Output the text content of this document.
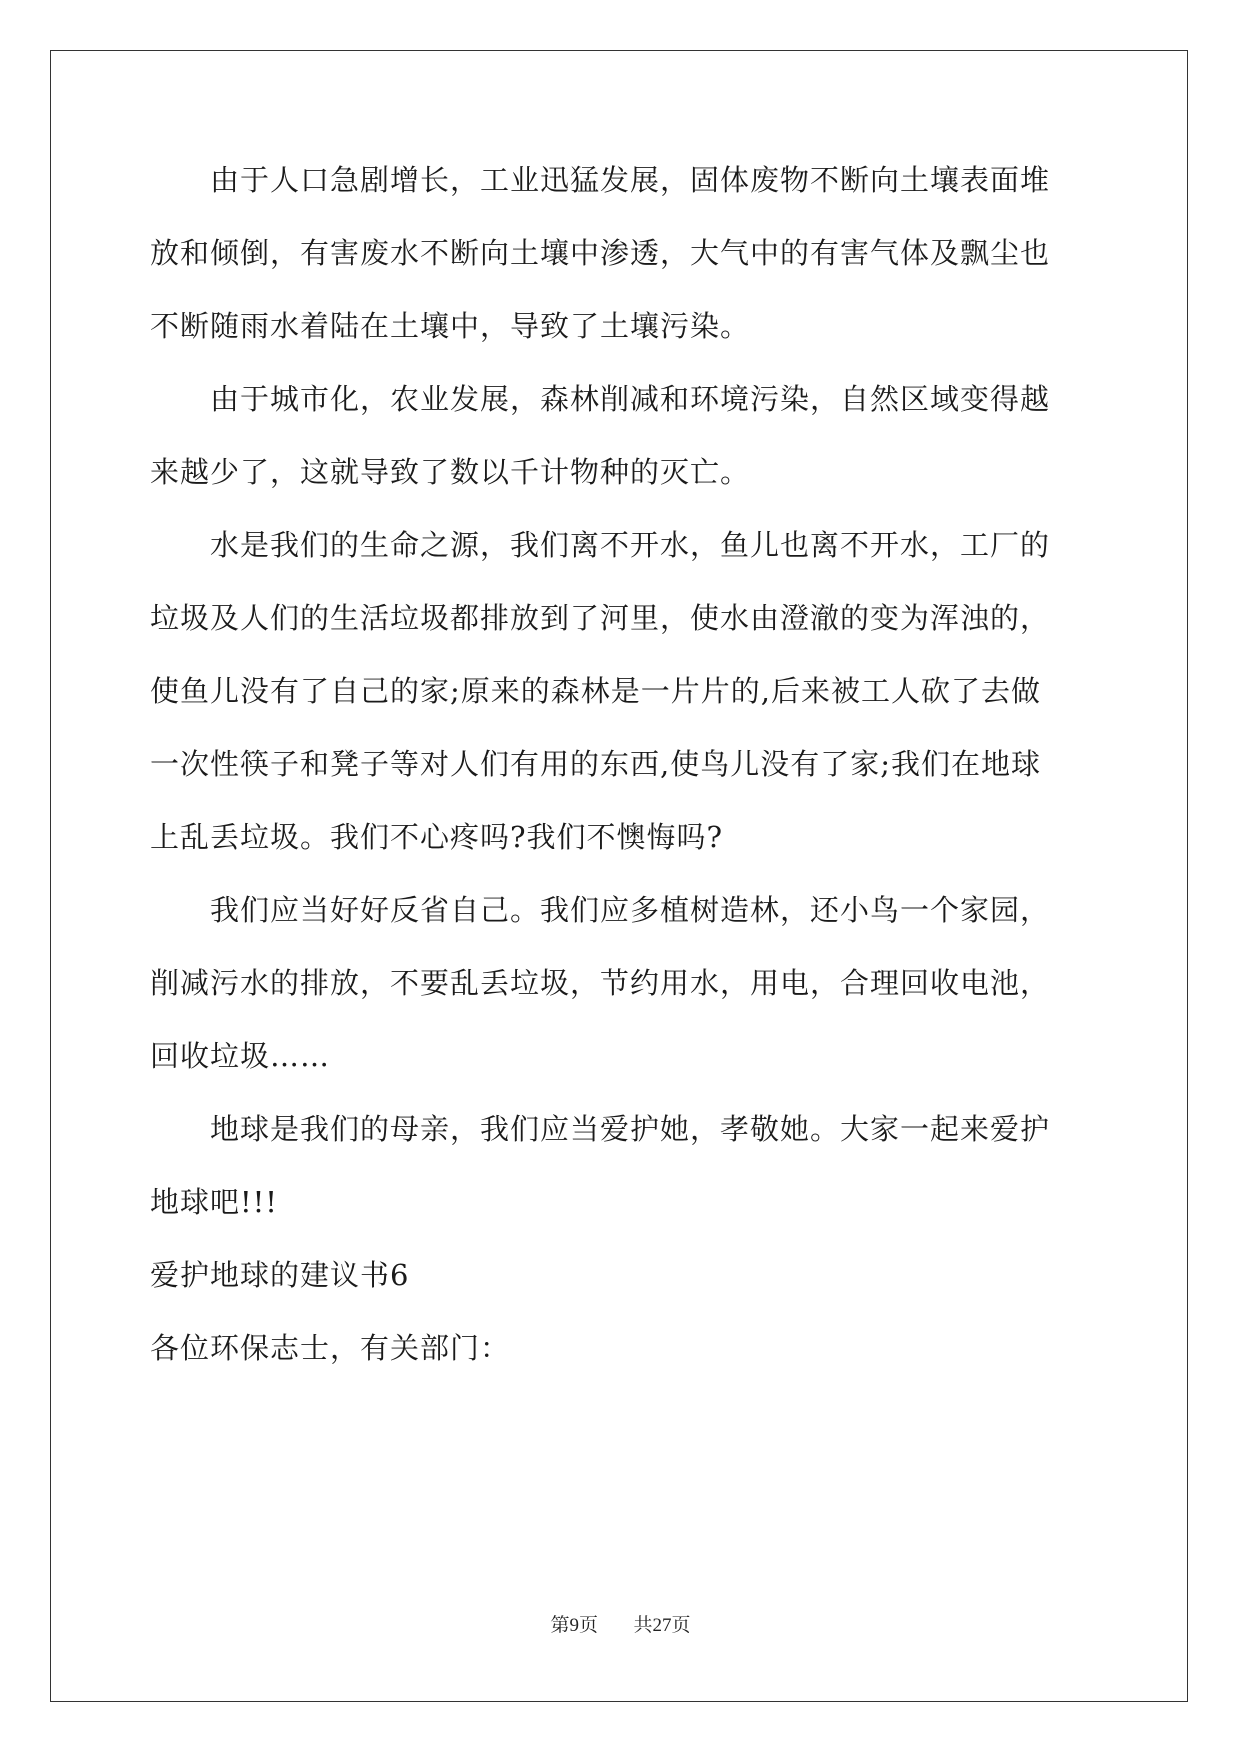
　　由于人口急剧增长，工业迅猛发展，固体废物不断向土壤表面堆
放和倾倒，有害废水不断向土壤中渗透，大气中的有害气体及飘尘也
不断随雨水着陆在土壤中，导致了土壤污染。
　　由于城市化，农业发展，森林削减和环境污染，自然区域变得越
来越少了，这就导致了数以千计物种的灭亡。
　　水是我们的生命之源，我们离不开水，鱼儿也离不开水，工厂的
垃圾及人们的生活垃圾都排放到了河里，使水由澄澈的变为浑浊的，
使鱼儿没有了自己的家;原来的森林是一片片的,后来被工人砍了去做
一次性筷子和凳子等对人们有用的东西,使鸟儿没有了家;我们在地球
上乱丢垃圾。我们不心疼吗?我们不懊悔吗?
　　我们应当好好反省自己。我们应多植树造林，还小鸟一个家园，
削减污水的排放，不要乱丢垃圾，节约用水，用电，合理回收电池，
回收垃圾……
　　地球是我们的母亲，我们应当爱护她，孝敬她。大家一起来爱护
地球吧!!!
爱护地球的建议书6
各位环保志士，有关部门：
第9页 共27页
